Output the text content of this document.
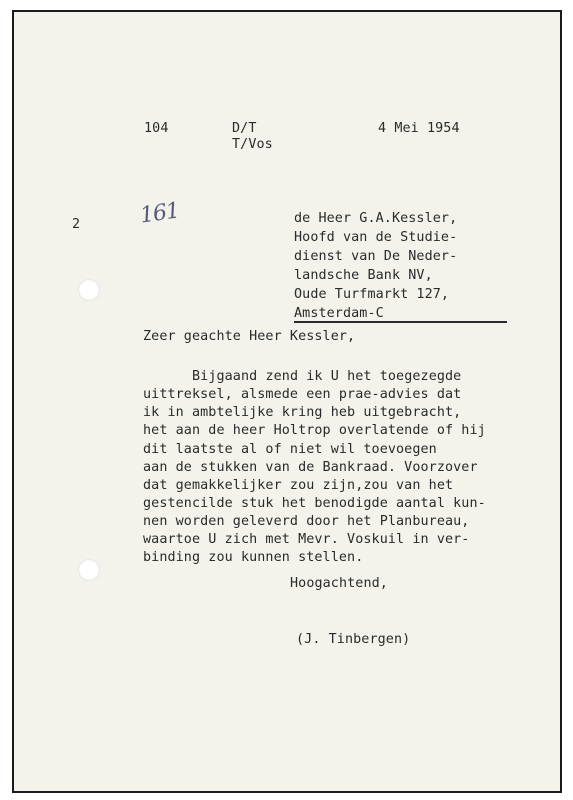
104	D/T
T/Vos
4 Mei 1954
2	161	de Heer G.A.Kessler,
Hoofd van de Studie-
dienst van De Neder-
landsche Bank NV,
Oude Turfmarkt 127,
Amsterdam-C
Zeer geachte Heer Kessler,
Bijgaand zend ik U het toegezegde
uittreksel, alsmede een prae-advies dat
ik in ambtelijke kring heb uitgebracht,
het aan de heer Holtrop overlatende of hij
dit laatste al of niet wil toevoegen
aan de stukken van de Bankraad. Voorzover
dat gemakkelijker zou zijn,zou van het
gestencilde stuk het benodigde aantal kun-
nen worden geleverd door het Planbureau,
waartoe U zich met Mevr. Voskuil in ver-
binding zou kunnen stellen.
Hoogachtend,
(J. Tinbergen)
